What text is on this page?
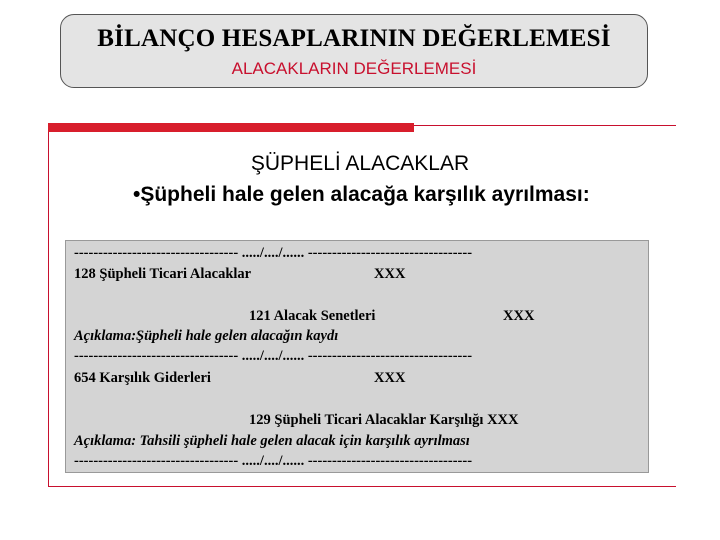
BİLANÇO HESAPLARININ DEĞERLEMESİ
ALACAKLARIN DEĞERLEMESİ
ŞÜPHELİ ALACAKLAR
•Şüpheli hale gelen alacağa karşılık ayrılması:
---------------------------------- ...../..../...... ----------------------------------
128 Şüpheli Ticari Alacaklar	XXX
121 Alacak Senetleri	XXX
Açıklama:Şüpheli hale gelen alacağın kaydı
---------------------------------- ...../..../...... ----------------------------------
654 Karşılık Giderleri	XXX
129 Şüpheli Ticari Alacaklar Karşılığı XXX
Açıklama: Tahsili şüpheli hale gelen alacak için karşılık ayrılması
---------------------------------- ...../..../...... ----------------------------------
